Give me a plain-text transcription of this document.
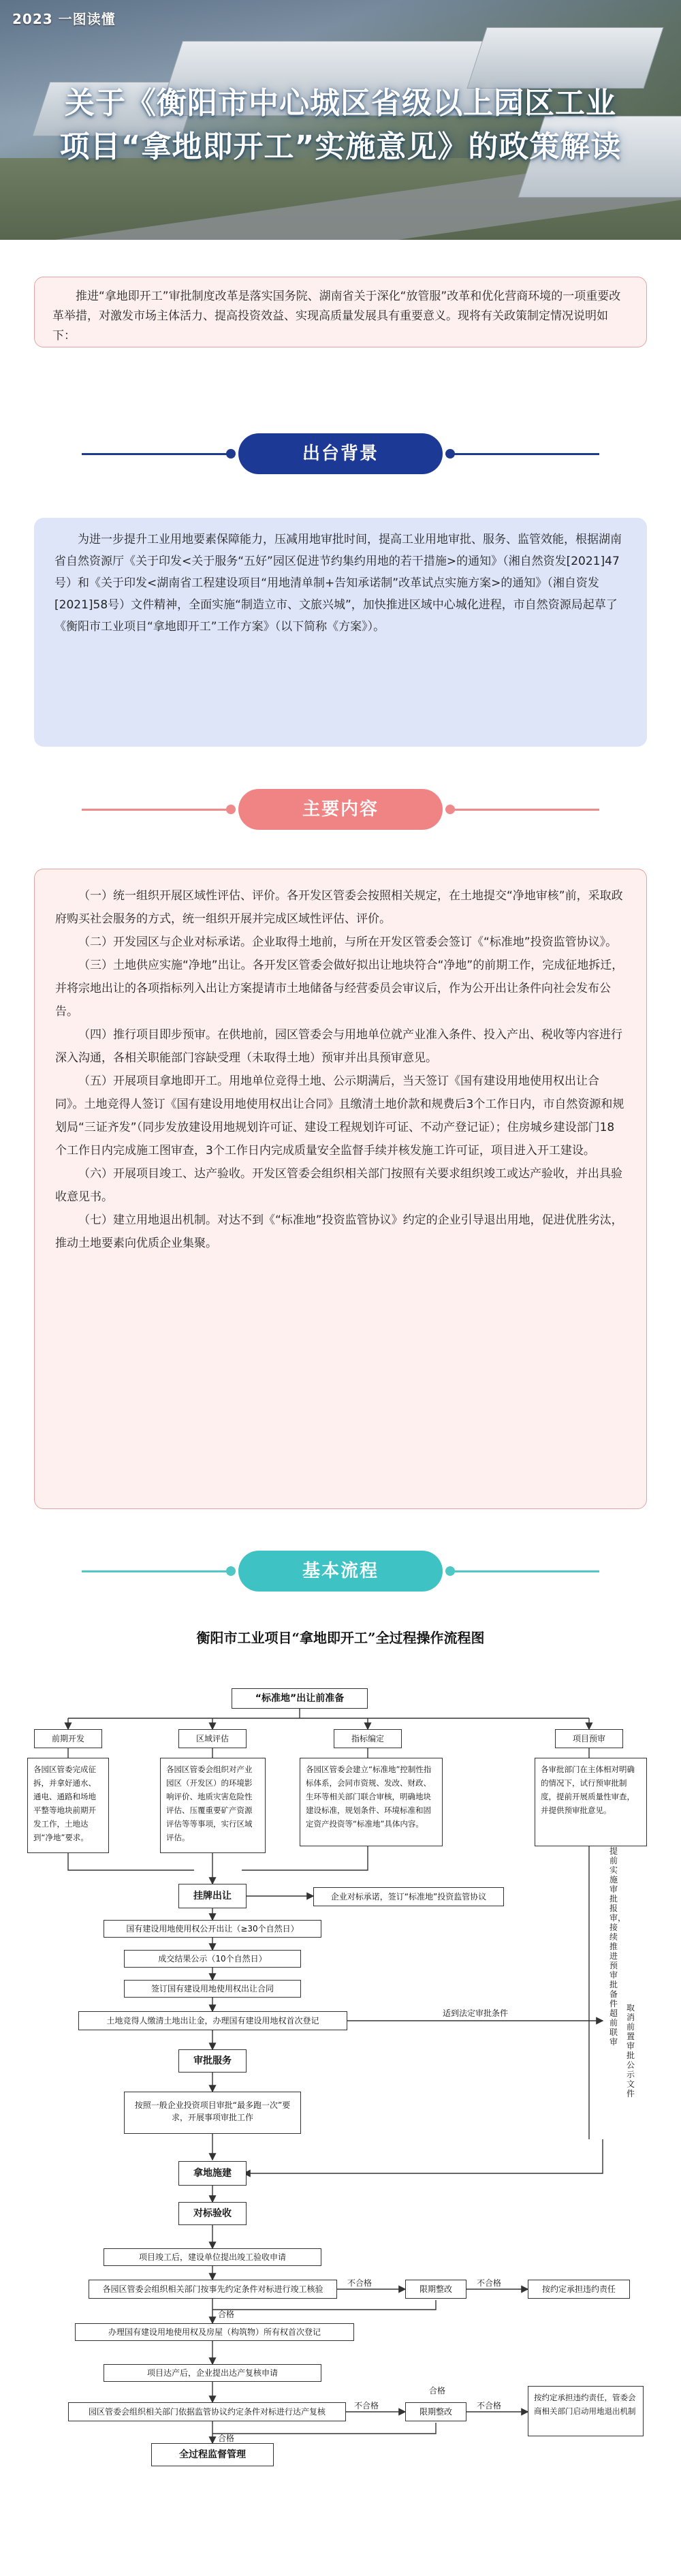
2023 一图读懂
关于《衡阳市中心城区省级以上园区工业
项目“拿地即开工”实施意见》的政策解读
推进“拿地即开工”审批制度改革是落实国务院、湖南省关于深化“放管服”改革和优化营商环境的一项重要改革举措，对激发市场主体活力、提高投资效益、实现高质量发展具有重要意义。现将有关政策制定情况说明如下：
出台背景
为进一步提升工业用地要素保障能力，压减用地审批时间，提高工业用地审批、服务、监管效能，根据湖南省自然资源厅《关于印发<关于服务“五好”园区促进节约集约用地的若干措施>的通知》（湘自然资发[2021]47号）和《关于印发<湖南省工程建设项目“用地清单制+告知承诺制”改革试点实施方案>的通知》（湘自资发[2021]58号）文件精神，全面实施“制造立市、文旅兴城”，加快推进区域中心城化进程，市自然资源局起草了《衡阳市工业项目“拿地即开工”工作方案》（以下简称《方案》）。
主要内容

（一）统一组织开展区域性评估、评价。各开发区管委会按照相关规定，在土地提交“净地审核”前，采取政府购买社会服务的方式，统一组织开展并完成区域性评估、评价。

（二）开发园区与企业对标承诺。企业取得土地前，与所在开发区管委会签订《“标准地”投资监管协议》。

（三）土地供应实施“净地”出让。各开发区管委会做好拟出让地块符合“净地”的前期工作，完成征地拆迁，并将宗地出让的各项指标列入出让方案提请市土地储备与经营委员会审议后，作为公开出让条件向社会发布公告。

（四）推行项目即步预审。在供地前，园区管委会与用地单位就产业准入条件、投入产出、税收等内容进行深入沟通，各相关职能部门容缺受理（未取得土地）预审并出具预审意见。

（五）开展项目拿地即开工。用地单位竞得土地、公示期满后，当天签订《国有建设用地使用权出让合同》。土地竞得人签订《国有建设用地使用权出让合同》且缴清土地价款和规费后3个工作日内，市自然资源和规划局“三证齐发”（同步发放建设用地规划许可证、建设工程规划许可证、不动产登记证）；住房城乡建设部门18个工作日内完成施工图审查，3个工作日内完成质量安全监督手续并核发施工许可证，项目进入开工建设。

（六）开展项目竣工、达产验收。开发区管委会组织相关部门按照有关要求组织竣工或达产验收，并出具验收意见书。

（七）建立用地退出机制。对达不到《“标准地”投资监管协议》约定的企业引导退出用地，促进优胜劣汰，推动土地要素向优质企业集聚。

基本流程
衡阳市工业项目“拿地即开工”全过程操作流程图
“标准地”出让前准备
前期开发	区域评估	指标编定	项目预审
各园区管委完成征拆，并拿好通水、通电、通路和场地平整等地块前期开发工作，土地达到“净地”要求。
各园区管委会组织对产业园区（开发区）的环境影响评价、地质灾害危险性评估、压覆重要矿产资源评估等等事项，实行区域评估。
各园区管委会建立“标准地”控制性指标体系，会同市资规、发改、财政、生环等相关部门联合审核，明确地块建设标准，规划条件、环境标准和固定资产投资等“标准地”具体内容。
各审批部门在主体相对明确的情况下，试行预审批制度，提前开展质量性审查，并提供预审批意见。
提前实施审批报审，接续推进预审批备件超前联审
取消前置审批公示文件
挂牌出让	企业对标承诺，签订“标准地”投资监管协议
国有建设用地使用权公开出让（≥30个自然日）
成交结果公示（10个自然日）
签订国有建设用地使用权出让合同
土地竞得人缴清土地出让金，办理国有建设用地权首次登记
适到法定审批条件
审批服务
按照一般企业投资项目审批“最多跑一次”要求，开展事项审批工作
拿地施建
对标验收
项目竣工后，建设单位提出竣工验收申请
各园区管委会组织相关部门按事先约定条件对标进行竣工核验
不合格
限期整改
不合格
按约定承担违约责任
合格
办理国有建设用地使用权及房屋（构筑物）所有权首次登记
项目达产后，企业提出达产复核申请
合格
园区管委会组织相关部门依据监管协议约定条件对标进行达产复核
不合格
限期整改
不合格
按约定承担违约责任，管委会商相关部门启动用地退出机制
合格
全过程监督管理
